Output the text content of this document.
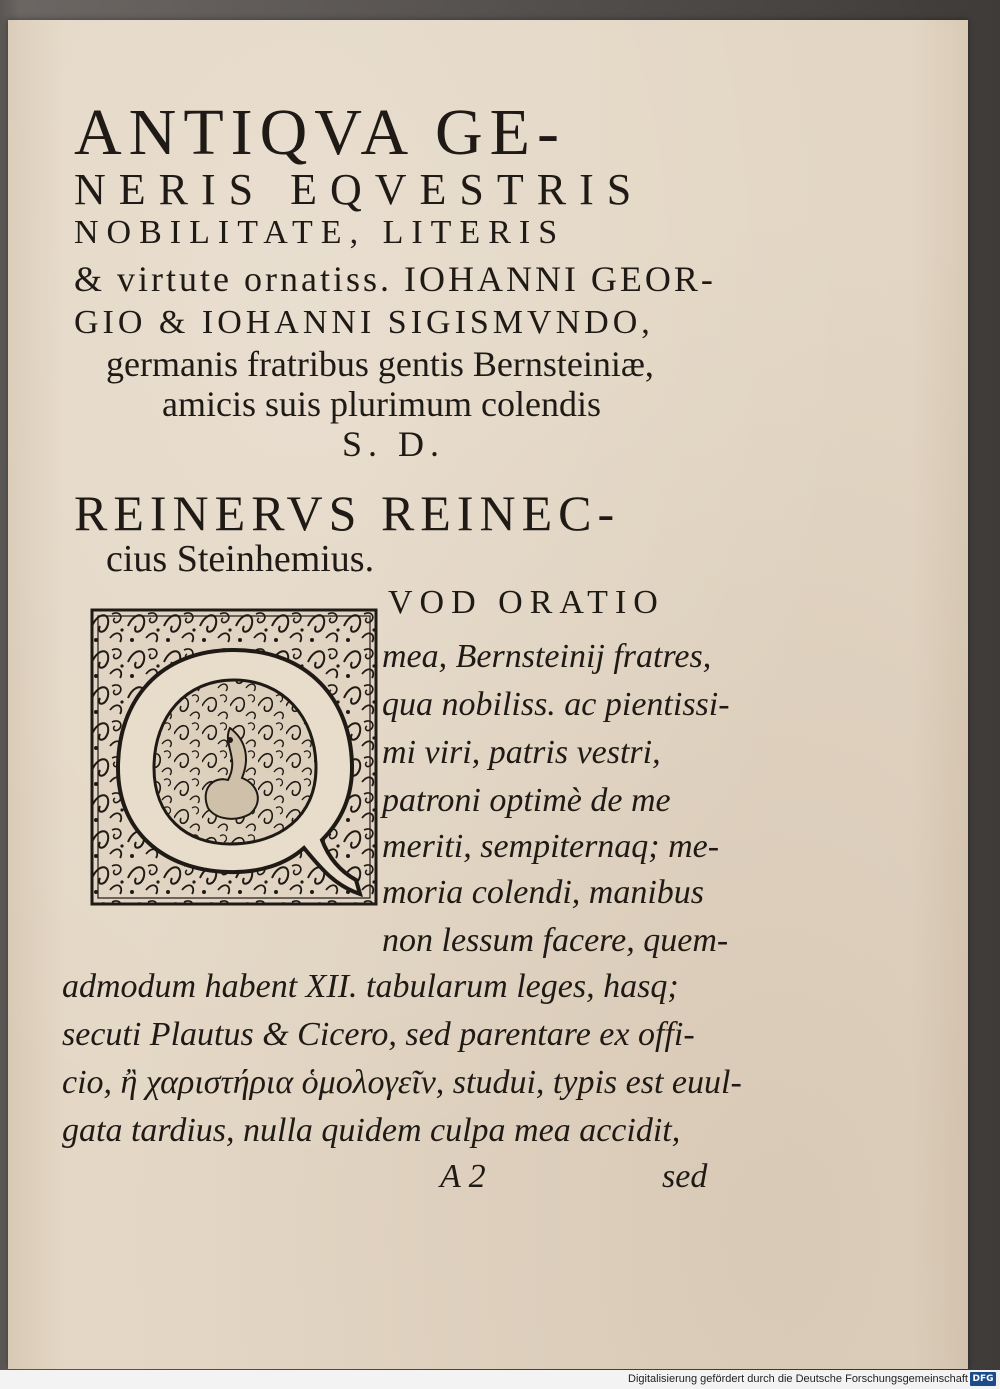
ANTIQVA GE-

NERIS EQVESTRIS

NOBILITATE, LITERIS

& virtute ornatiss. IOHANNI GEOR-

GIO & IOHANNI SIGISMVNDO,

germanis fratribus gentis Bernsteiniæ,

amicis suis plurimum colendis

S. D.

REINERVS REINEC-

cius Steinhemius.

VOD ORATIO
mea, Bernsteinij fratres,
qua nobiliss. ac pientissi-
mi viri, patris vestri,
patroni optimè de me
meriti, sempiternaq; me-
moria colendi, manibus
non lessum facere, quem-
admodum habent XII. tabularum leges, hasq;
secuti Plautus & Cicero, sed parentare ex offi-
cio, ἢ χαριστήρια ὁμολογεῖν, studui, typis est euul-
gata tardius, nulla quidem culpa mea accidit,
A 2	sed
Digitalisierung gefördert durch die Deutsche Forschungsgemeinschaft DFG
